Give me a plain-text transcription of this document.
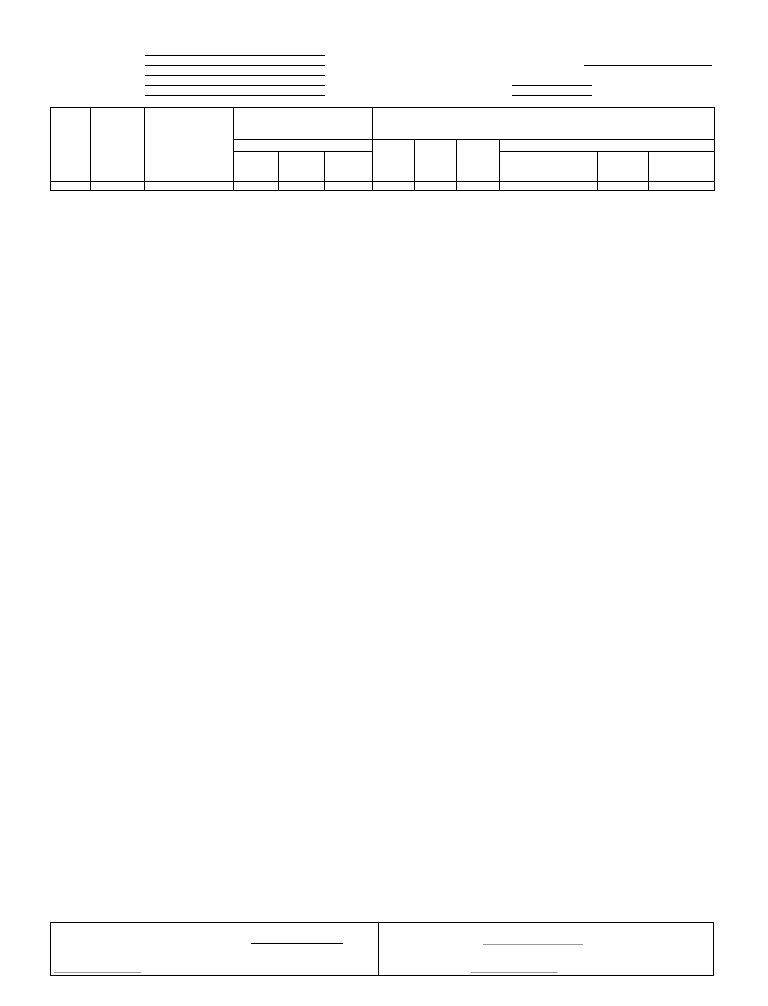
________________________	________________________
